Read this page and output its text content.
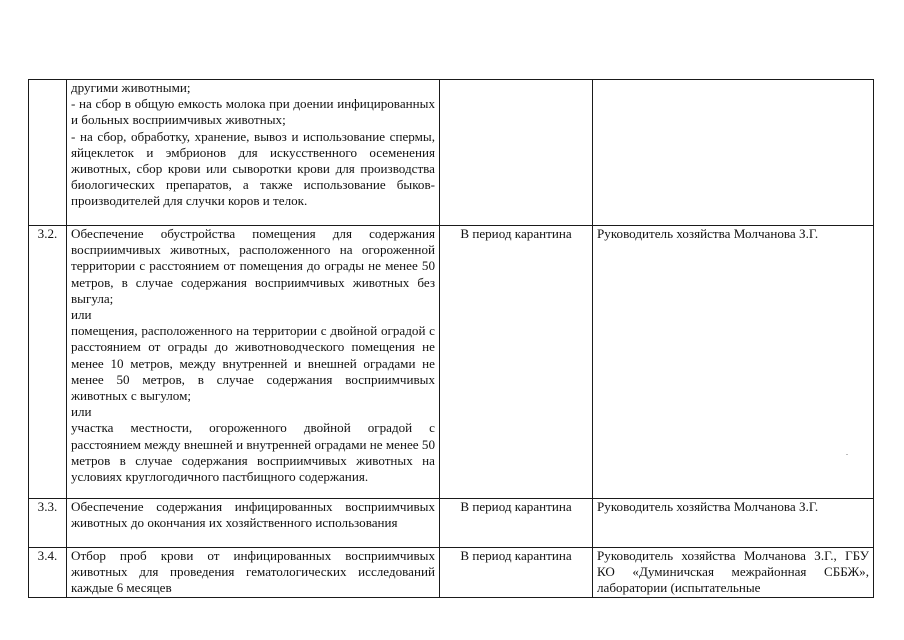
	другими животными;

- на сбор в общую емкость молока при доении инфицированных и больных восприимчивых животных;

- на сбор, обработку, хранение, вывоз и использование спермы, яйцеклеток и эмбрионов для искусственного осеменения животных, сбор крови или сыворотки крови для производства биологических препаратов, а также использование быков-производителей для случки коров и телок.		

3.2.	Обеспечение обустройства помещения для содержания восприимчивых животных, расположенного на огороженной территории с расстоянием от помещения до ограды не менее 50 метров, в случае содержания восприимчивых животных без выгула;

или

помещения, расположенного на территории с двойной оградой с расстоянием от ограды до животноводческого помещения не менее 10 метров, между внутренней и внешней оградами не менее 50 метров, в случае содержания восприимчивых животных с выгулом;

или

участка местности, огороженного двойной оградой с расстоянием между внешней и внутренней оградами не менее 50 метров в случае содержания восприимчивых животных на условиях круглогодичного пастбищного содержания.	В период карантина	Руководитель хозяйства Молчанова З.Г.
3.3.	Обеспечение содержания инфицированных восприимчивых животных до окончания их хозяйственного использования	В период карантина	Руководитель хозяйства Молчанова З.Г.
3.4.	Отбор проб крови от инфицированных восприимчивых животных для проведения гематологических исследований каждые 6 месяцев	В период карантина	Руководитель хозяйства Молчанова З.Г., ГБУ КО «Думиничская межрайонная СББЖ», лаборатории (испытательные
